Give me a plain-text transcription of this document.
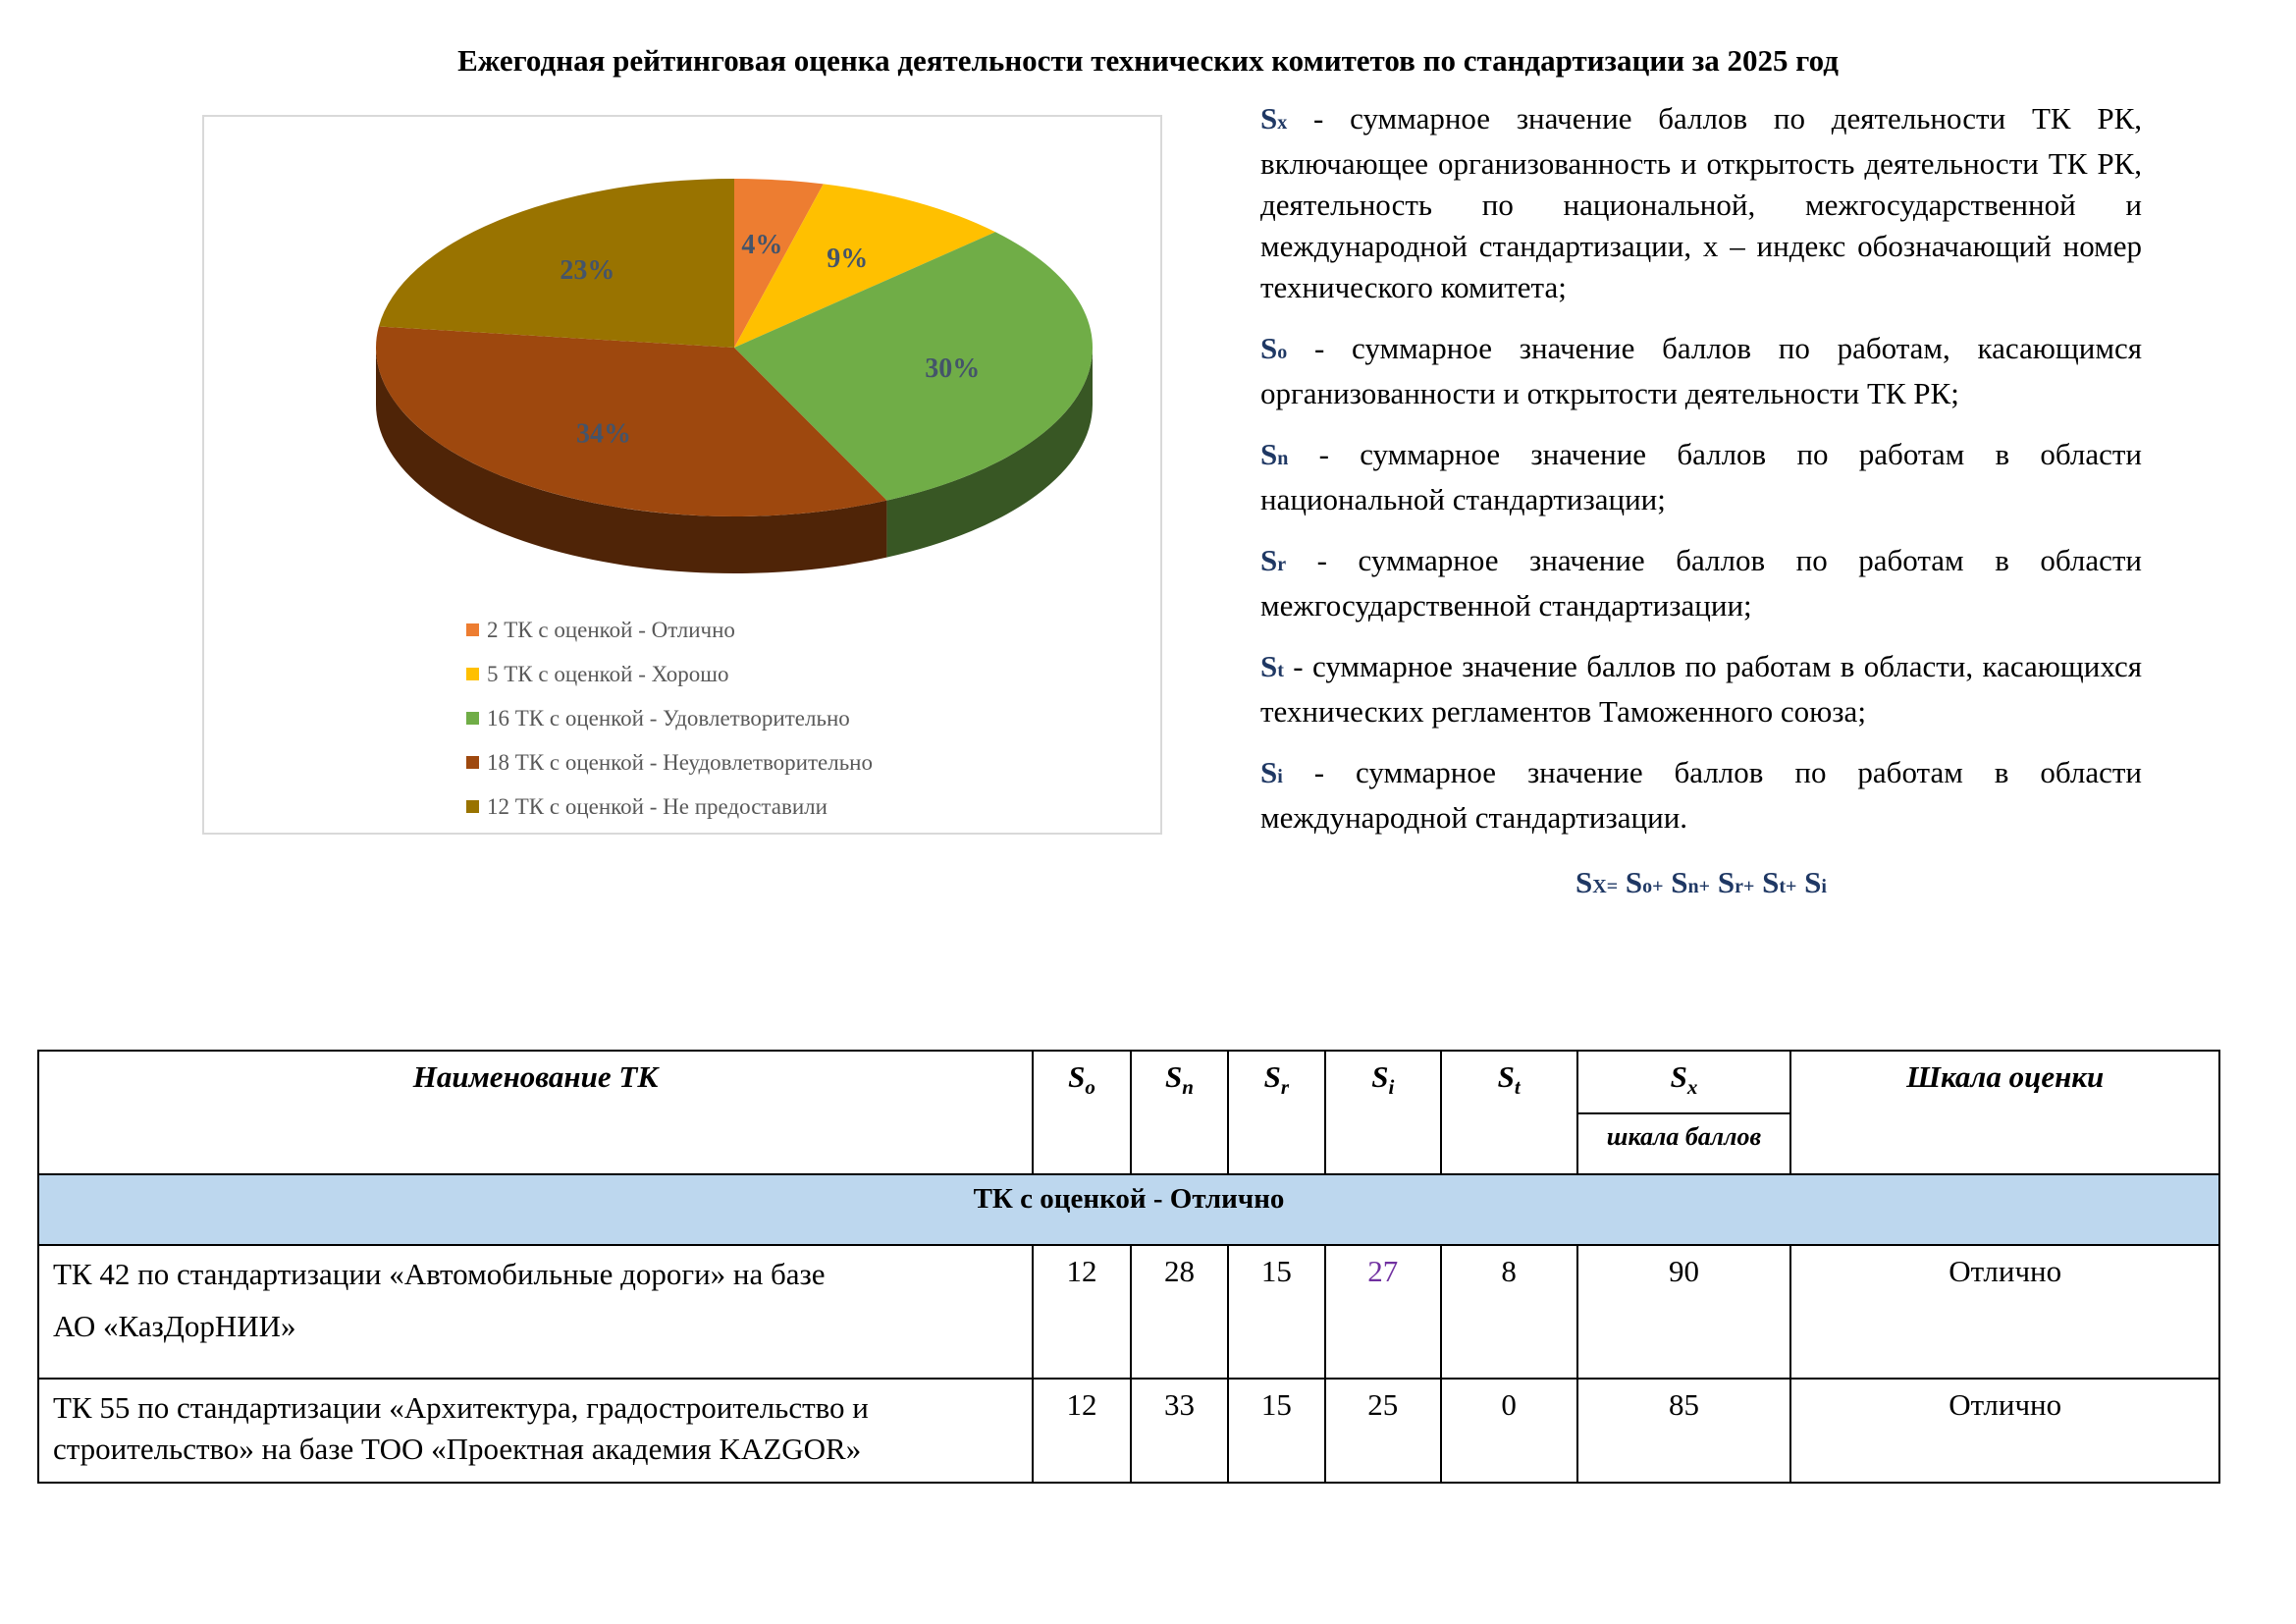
Ежегодная рейтинговая оценка деятельности технических комитетов по стандартизации за 2025 год
4% 9%
30%
34%
23%
2 ТК с оценкой - Отлично
5 ТК с оценкой - Хорошо
16 ТК с оценкой - Удовлетворительно
18 ТК с оценкой - Неудовлетворительно
12 ТК с оценкой - Не предоставили
Sx - суммарное значение баллов по деятельности ТК РК, включающее организованность и открытость деятельности ТК РК, деятельность по национальной, межгосударственной и международной стандартизации, х – индекс обозначающий номер технического комитета;
So - суммарное значение баллов по работам, касающимся организованности и открытости деятельности ТК РК;
Sn - суммарное значение баллов по работам в области национальной стандартизации;
Sr - суммарное значение баллов по работам в области межгосударственной стандартизации;
St - суммарное значение баллов по работам в области, касающихся технических регламентов Таможенного союза;
Si - суммарное значение баллов по работам в области международной стандартизации.
SX= So+ Sn+ Sr+ St+ Si
Наименование ТК	$S_o$	$S_n$	$S_r$	$S_i$	$S_t$	$S_x$	Шкала оценки
						шкала баллов	
ТК с оценкой - Отлично							

ТК 42 по стандартизации «Автомобильные дороги» на базе
АО «КазДорНИИ»	12	28	15	27	8	90	Отлично

ТК 55 по стандартизации «Архитектура, градостроительство и
строительство» на базе ТОО «Проектная академия KAZGOR»	12	33	15	25	0	85	Отлично
